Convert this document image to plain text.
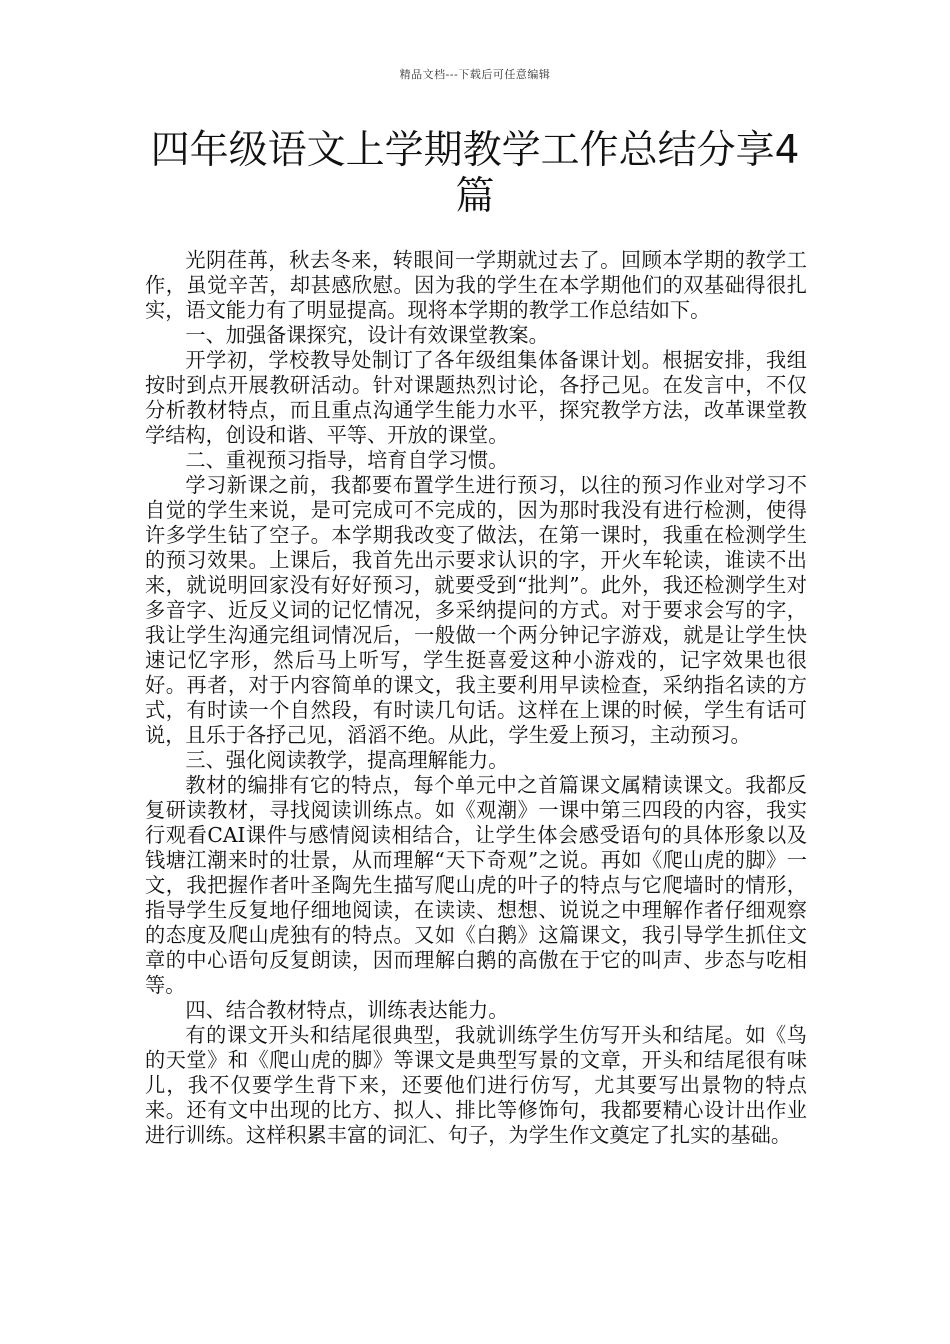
精品文档---下载后可任意编辑
四年级语文上学期教学工作总结分享4篇

光阴荏苒，秋去冬来，转眼间一学期就过去了。回顾本学期的教学工作，虽觉辛苦，却甚感欣慰。因为我的学生在本学期他们的双基础得很扎实，语文能力有了明显提高。现将本学期的教学工作总结如下。

一、加强备课探究，设计有效课堂教案。

开学初，学校教导处制订了各年级组集体备课计划。根据安排，我组按时到点开展教研活动。针对课题热烈讨论，各抒己见。在发言中，不仅分析教材特点，而且重点沟通学生能力水平，探究教学方法，改革课堂教学结构，创设和谐、平等、开放的课堂。

二、重视预习指导，培育自学习惯。

学习新课之前，我都要布置学生进行预习，以往的预习作业对学习不自觉的学生来说，是可完成可不完成的，因为那时我没有进行检测，使得许多学生钻了空子。本学期我改变了做法，在第一课时，我重在检测学生的预习效果。上课后，我首先出示要求认识的字，开火车轮读，谁读不出来，就说明回家没有好好预习，就要受到“批判”。此外，我还检测学生对多音字、近反义词的记忆情况，多采纳提问的方式。对于要求会写的字，我让学生沟通完组词情况后，一般做一个两分钟记字游戏，就是让学生快速记忆字形，然后马上听写，学生挺喜爱这种小游戏的，记字效果也很好。再者，对于内容简单的课文，我主要利用早读检查，采纳指名读的方式，有时读一个自然段，有时读几句话。这样在上课的时候，学生有话可说，且乐于各抒己见，滔滔不绝。从此，学生爱上预习，主动预习。

三、强化阅读教学，提高理解能力。

教材的编排有它的特点，每个单元中之首篇课文属精读课文。我都反复研读教材，寻找阅读训练点。如《观潮》一课中第三四段的内容，我实行观看CAI课件与感情阅读相结合，让学生体会感受语句的具体形象以及钱塘江潮来时的壮景，从而理解“天下奇观”之说。再如《爬山虎的脚》一文，我把握作者叶圣陶先生描写爬山虎的叶子的特点与它爬墙时的情形，指导学生反复地仔细地阅读，在读读、想想、说说之中理解作者仔细观察的态度及爬山虎独有的特点。又如《白鹅》这篇课文，我引导学生抓住文章的中心语句反复朗读，因而理解白鹅的高傲在于它的叫声、步态与吃相等。

四、结合教材特点，训练表达能力。

有的课文开头和结尾很典型，我就训练学生仿写开头和结尾。如《鸟的天堂》和《爬山虎的脚》等课文是典型写景的文章，开头和结尾很有味儿，我不仅要学生背下来，还要他们进行仿写，尤其要写出景物的特点来。还有文中出现的比方、拟人、排比等修饰句，我都要精心设计出作业进行训练。这样积累丰富的词汇、句子，为学生作文奠定了扎实的基础。
